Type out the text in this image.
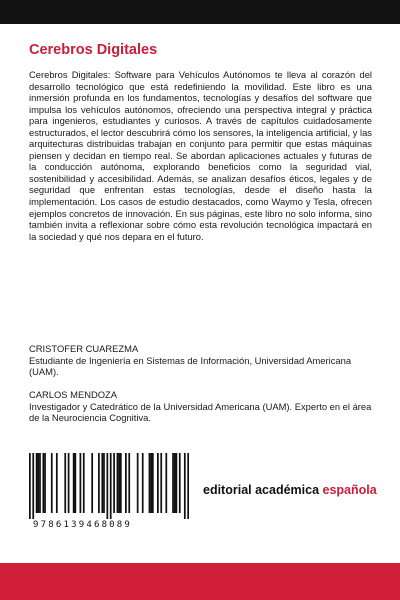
Cerebros Digitales

Cerebros Digitales: Software para Vehículos Autónomos te lleva al corazón del desarrollo tecnológico que está redefiniendo la movilidad. Este libro es una inmersión profunda en los fundamentos, tecnologías y desafíos del software que impulsa los vehículos autónomos, ofreciendo una perspectiva integral y práctica para ingenieros, estudiantes y curiosos. A través de capítulos cuidadosamente estructurados, el lector descubrirá cómo los sensores, la inteligencia artificial, y las arquitecturas distribuidas trabajan en conjunto para permitir que estas máquinas piensen y decidan en tiempo real. Se abordan aplicaciones actuales y futuras de la conducción autónoma, explorando beneficios como la seguridad vial, sostenibilidad y accesibilidad. Además, se analizan desafíos éticos, legales y de seguridad que enfrentan estas tecnologías, desde el diseño hasta la implementación. Los casos de estudio destacados, como Waymo y Tesla, ofrecen ejemplos concretos de innovación. En sus páginas, este libro no solo informa, sino también invita a reflexionar sobre cómo esta revolución tecnológica impactará en la sociedad y qué nos depara en el futuro.

CRISTOFER CUAREZMA
Estudiante de Ingeniería en Sistemas de Información, Universidad Americana (UAM).
CARLOS MENDOZA
Investigador y Catedrático de la Universidad Americana (UAM). Experto en el área de la Neurociencia Cognitiva.
9786139468089
editorial académica española
